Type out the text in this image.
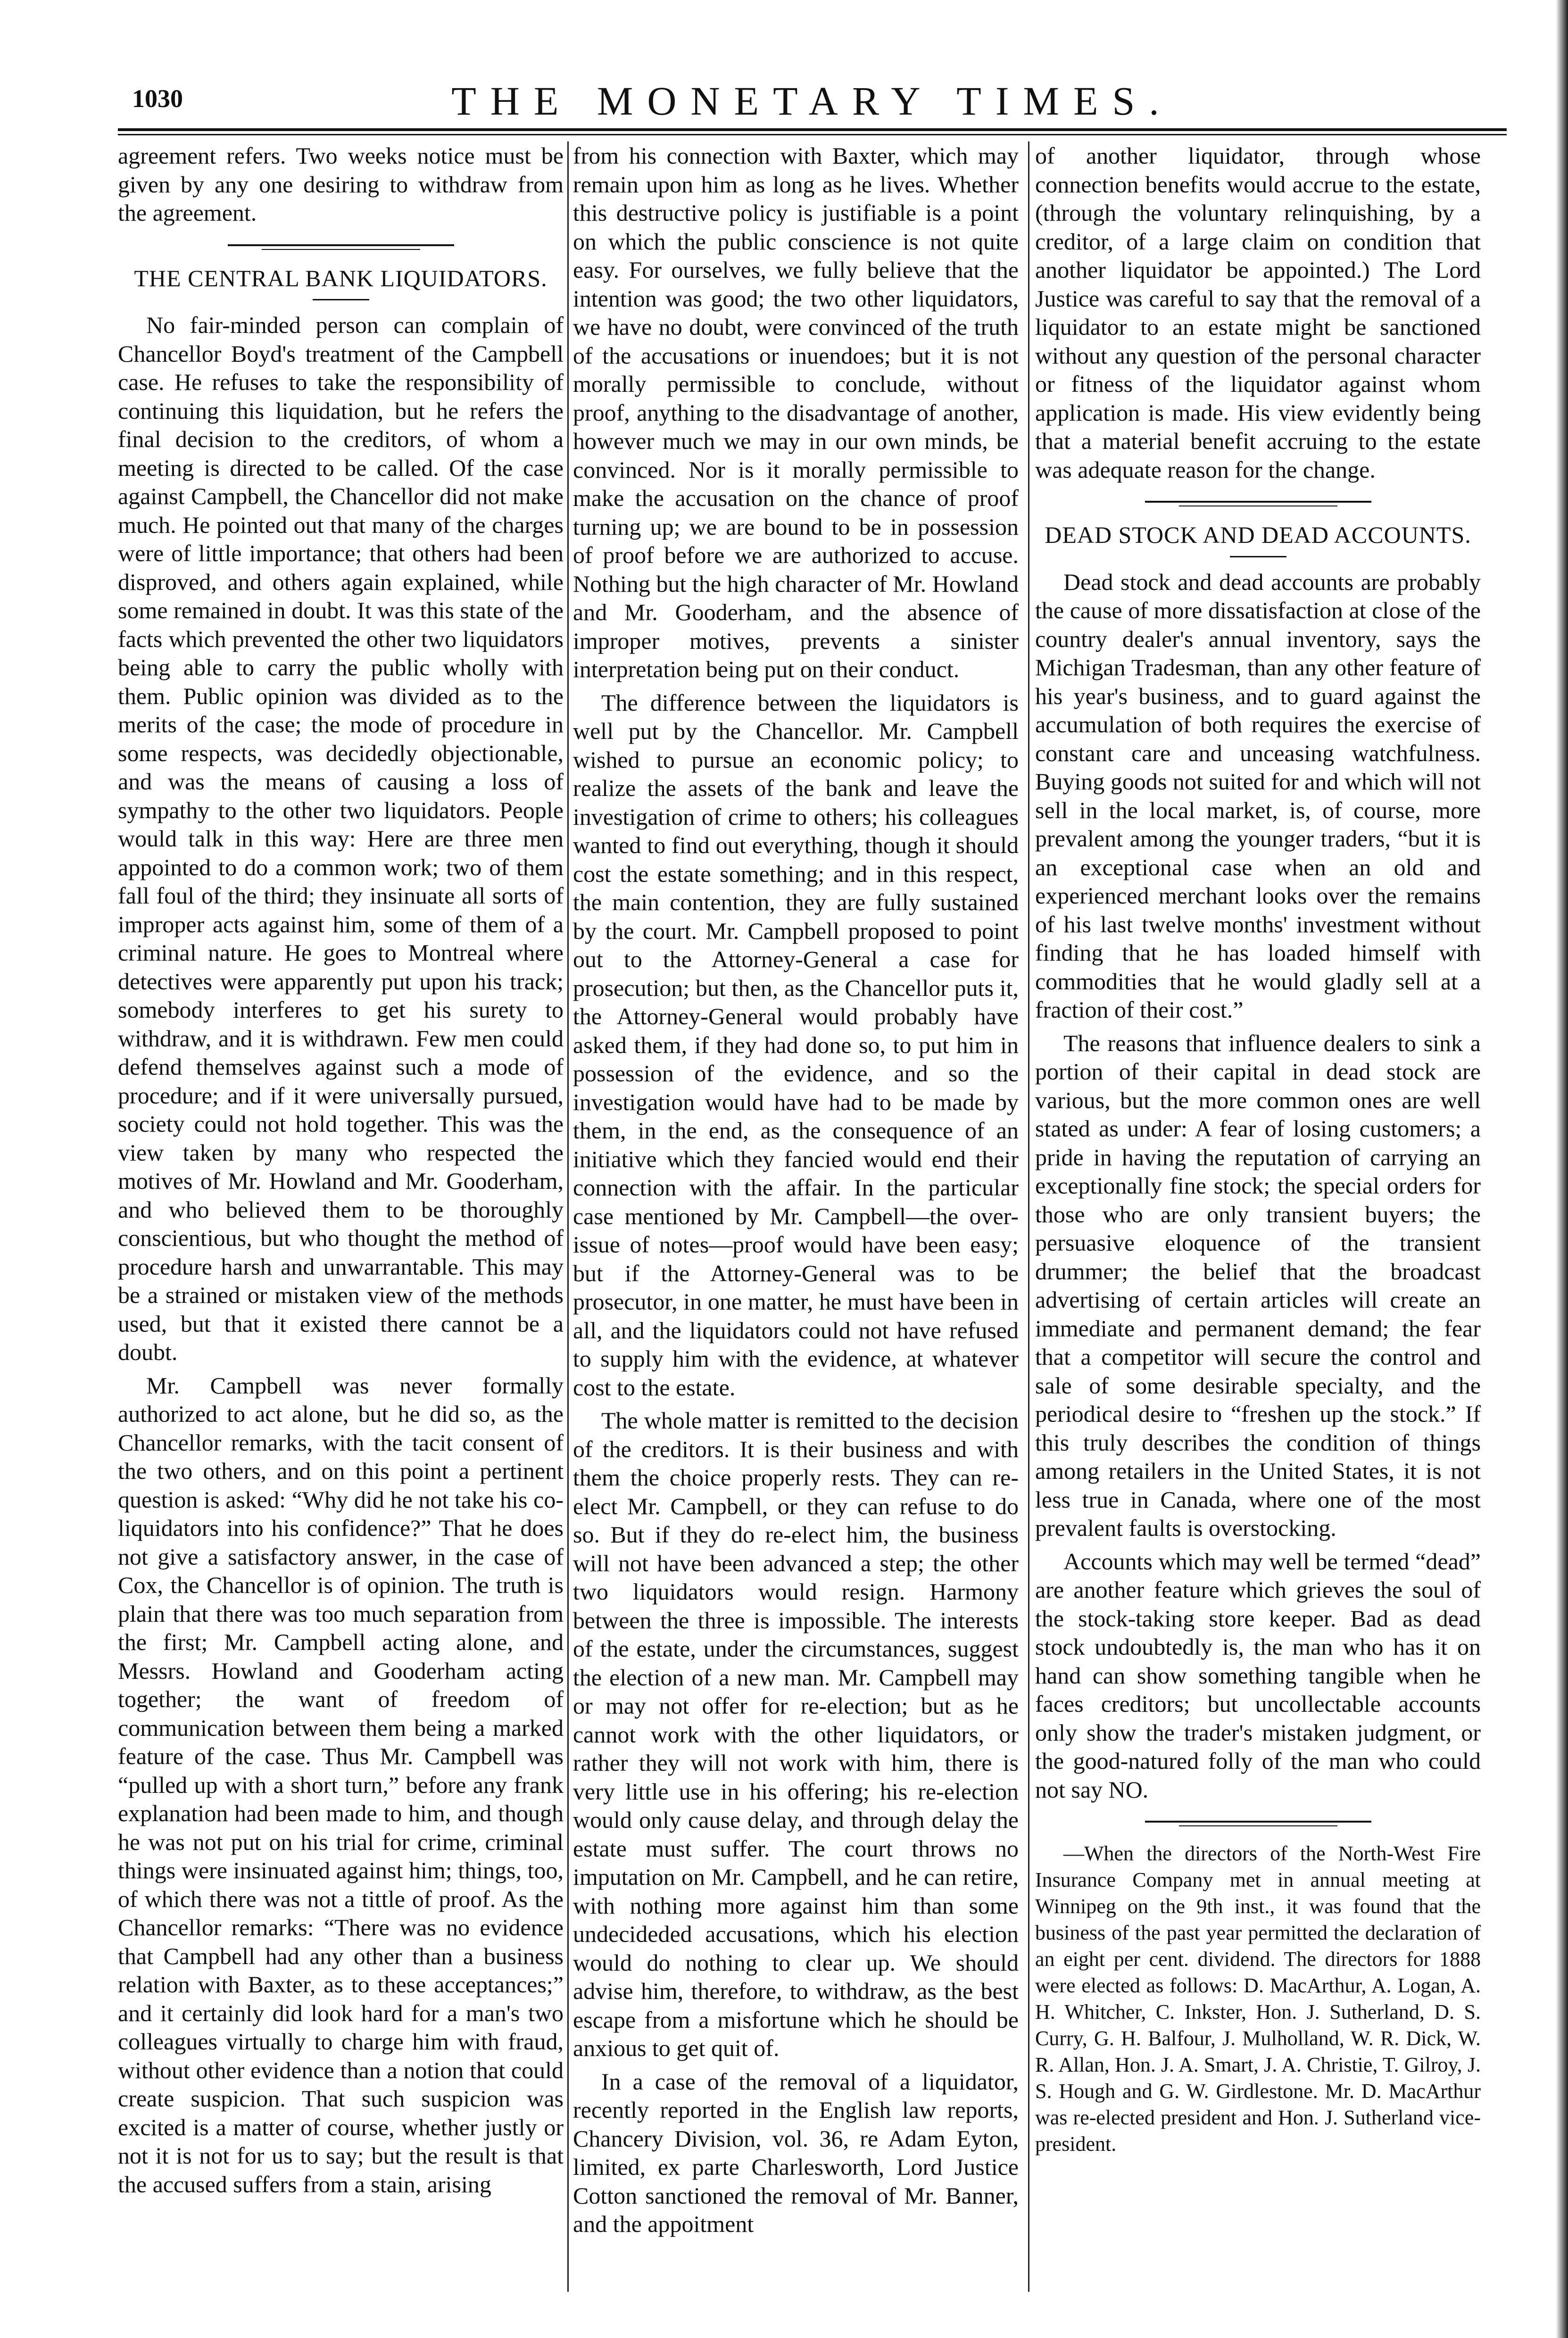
1030	THE MONETARY TIMES.

agreement refers. Two weeks notice must be given by any one desiring to withdraw from the agreement.

THE CENTRAL BANK LIQUIDATORS.

No fair-minded person can complain of Chancellor Boyd's treatment of the Campbell case. He refuses to take the responsibility of continuing this liquidation, but he refers the final decision to the creditors, of whom a meeting is directed to be called. Of the case against Campbell, the Chancellor did not make much. He pointed out that many of the charges were of little importance; that others had been disproved, and others again explained, while some remained in doubt. It was this state of the facts which prevented the other two liquidators being able to carry the public wholly with them. Public opinion was divided as to the merits of the case; the mode of procedure in some respects, was decidedly objectionable, and was the means of causing a loss of sympathy to the other two liquidators. People would talk in this way: Here are three men appointed to do a common work; two of them fall foul of the third; they insinuate all sorts of improper acts against him, some of them of a criminal nature. He goes to Montreal where detectives were apparently put upon his track; somebody interferes to get his surety to withdraw, and it is withdrawn. Few men could defend themselves against such a mode of procedure; and if it were universally pursued, society could not hold together. This was the view taken by many who respected the motives of Mr. Howland and Mr. Gooderham, and who believed them to be thoroughly conscientious, but who thought the method of procedure harsh and unwarrantable. This may be a strained or mistaken view of the methods used, but that it existed there cannot be a doubt.

Mr. Campbell was never formally authorized to act alone, but he did so, as the Chancellor remarks, with the tacit consent of the two others, and on this point a pertinent question is asked: “Why did he not take his co-liquidators into his confidence?” That he does not give a satisfactory answer, in the case of Cox, the Chancellor is of opinion. The truth is plain that there was too much separation from the first; Mr. Campbell acting alone, and Messrs. Howland and Gooderham acting together; the want of freedom of communication between them being a marked feature of the case. Thus Mr. Campbell was “pulled up with a short turn,” before any frank explanation had been made to him, and though he was not put on his trial for crime, criminal things were insinuated against him; things, too, of which there was not a tittle of proof. As the Chancellor remarks: “There was no evidence that Campbell had any other than a business relation with Baxter, as to these acceptances;” and it certainly did look hard for a man's two colleagues virtually to charge him with fraud, without other evidence than a notion that could create suspicion. That such suspicion was excited is a matter of course, whether justly or not it is not for us to say; but the result is that the accused suffers from a stain, arising

from his connection with Baxter, which may remain upon him as long as he lives. Whether this destructive policy is justifiable is a point on which the public conscience is not quite easy. For ourselves, we fully believe that the intention was good; the two other liquidators, we have no doubt, were convinced of the truth of the accusations or inuendoes; but it is not morally permissible to conclude, without proof, anything to the disadvantage of another, however much we may in our own minds, be convinced. Nor is it morally permissible to make the accusation on the chance of proof turning up; we are bound to be in possession of proof before we are authorized to accuse. Nothing but the high character of Mr. Howland and Mr. Gooderham, and the absence of improper motives, prevents a sinister interpretation being put on their conduct.

The difference between the liquidators is well put by the Chancellor. Mr. Campbell wished to pursue an economic policy; to realize the assets of the bank and leave the investigation of crime to others; his colleagues wanted to find out everything, though it should cost the estate something; and in this respect, the main contention, they are fully sustained by the court. Mr. Campbell proposed to point out to the Attorney-General a case for prosecution; but then, as the Chancellor puts it, the Attorney-General would probably have asked them, if they had done so, to put him in possession of the evidence, and so the investigation would have had to be made by them, in the end, as the consequence of an initiative which they fancied would end their connection with the affair. In the particular case mentioned by Mr. Campbell—the over-issue of notes—proof would have been easy; but if the Attorney-General was to be prosecutor, in one matter, he must have been in all, and the liquidators could not have refused to supply him with the evidence, at whatever cost to the estate.

The whole matter is remitted to the decision of the creditors. It is their business and with them the choice properly rests. They can re-elect Mr. Campbell, or they can refuse to do so. But if they do re-elect him, the business will not have been advanced a step; the other two liquidators would resign. Harmony between the three is impossible. The interests of the estate, under the circumstances, suggest the election of a new man. Mr. Campbell may or may not offer for re-election; but as he cannot work with the other liquidators, or rather they will not work with him, there is very little use in his offering; his re-election would only cause delay, and through delay the estate must suffer. The court throws no imputation on Mr. Campbell, and he can retire, with nothing more against him than some undecideded accusations, which his election would do nothing to clear up. We should advise him, therefore, to withdraw, as the best escape from a misfortune which he should be anxious to get quit of.

In a case of the removal of a liquidator, recently reported in the English law reports, Chancery Division, vol. 36, re Adam Eyton, limited, ex parte Charlesworth, Lord Justice Cotton sanctioned the removal of Mr. Banner, and the appoitment

of another liquidator, through whose connection benefits would accrue to the estate, (through the voluntary relinquishing, by a creditor, of a large claim on condition that another liquidator be appointed.) The Lord Justice was careful to say that the removal of a liquidator to an estate might be sanctioned without any question of the personal character or fitness of the liquidator against whom application is made. His view evidently being that a material benefit accruing to the estate was adequate reason for the change.

DEAD STOCK AND DEAD ACCOUNTS.

Dead stock and dead accounts are probably the cause of more dissatisfaction at close of the country dealer's annual inventory, says the Michigan Tradesman, than any other feature of his year's business, and to guard against the accumulation of both requires the exercise of constant care and unceasing watchfulness. Buying goods not suited for and which will not sell in the local market, is, of course, more prevalent among the younger traders, “but it is an exceptional case when an old and experienced merchant looks over the remains of his last twelve months' investment without finding that he has loaded himself with commodities that he would gladly sell at a fraction of their cost.”

The reasons that influence dealers to sink a portion of their capital in dead stock are various, but the more common ones are well stated as under: A fear of losing customers; a pride in having the reputation of carrying an exceptionally fine stock; the special orders for those who are only transient buyers; the persuasive eloquence of the transient drummer; the belief that the broadcast advertising of certain articles will create an immediate and permanent demand; the fear that a competitor will secure the control and sale of some desirable specialty, and the periodical desire to “freshen up the stock.” If this truly describes the condition of things among retailers in the United States, it is not less true in Canada, where one of the most prevalent faults is overstocking.

Accounts which may well be termed “dead” are another feature which grieves the soul of the stock-taking store keeper. Bad as dead stock undoubtedly is, the man who has it on hand can show something tangible when he faces creditors; but uncollectable accounts only show the trader's mistaken judgment, or the good-natured folly of the man who could not say NO.

—When the directors of the North-West Fire Insurance Company met in annual meeting at Winnipeg on the 9th inst., it was found that the business of the past year permitted the declaration of an eight per cent. dividend. The directors for 1888 were elected as follows: D. MacArthur, A. Logan, A. H. Whitcher, C. Inkster, Hon. J. Sutherland, D. S. Curry, G. H. Balfour, J. Mulholland, W. R. Dick, W. R. Allan, Hon. J. A. Smart, J. A. Christie, T. Gilroy, J. S. Hough and G. W. Girdlestone. Mr. D. MacArthur was re-elected president and Hon. J. Sutherland vice-president.
